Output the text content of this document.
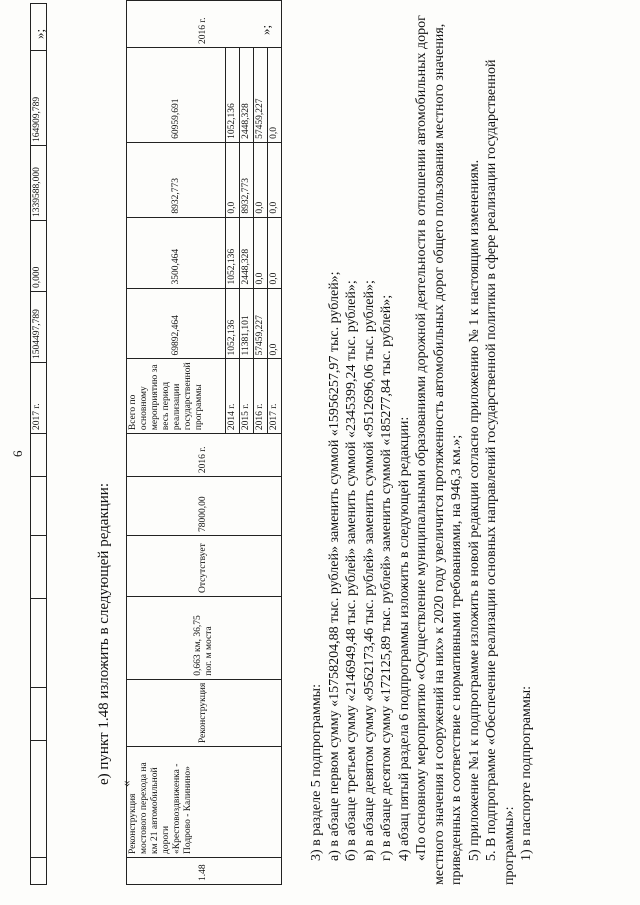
6
							2017 г.	1504497,789	0,000	1339588,000	164909,789	
»;
е) пункт 1.48 изложить в следующей редакции: «
1.48	Реконструкция мостового перехода на км 21 автомобильной дороги «Крестовоздвиженка - Подрово - Калинино»	Реконструкция	0,663 км, 36,75 пог. м моста	Отсутствует	78000,00	2016 г.	Всего по основному мероприятию за весь период реализации государственной программы	69892,464	3500,464	8932,773	60959,691	2016 г.
							2014 г.	1052,136	1052,136	0,0	1052,136	
							2015 г.	11381,101	2448,328	8932,773	2448,328	
							2016 г.	57459,227	0,0	0,0	57459,227	
							2017 г.	0,0	0,0	0,0	0,0	
»;

3) в разделе 5 подпрограммы: а) в абзаце первом сумму «15758204,88 тыс. рублей» заменить суммой «15956257,97 тыс. рублей»; б) в абзаце третьем сумму «2146949,48 тыс. рублей» заменить суммой «2345399,24 тыс. рублей»; в) в абзаце девятом сумму «9562173,46 тыс. рублей» заменить суммой «9512696,06 тыс. рублей»; г) в абзаце десятом сумму «172125,89 тыс. рублей» заменить суммой «185277,84 тыс. рублей»; 4) абзац пятый раздела 6 подпрограммы изложить в следующей редакции: «По основному мероприятию «Осуществление муниципальными образованиями дорожной деятельности в отношении автомобильных дорог местного значения и сооружений на них» к 2020 году увеличится протяженность автомобильных дорог общего пользования местного значения, приведенных в соответствие с нормативными требованиями, на 946,3 км.»; 5) приложение №1 к подпрограмме изложить в новой редакции согласно приложению № 1 к настоящим изменениям. 5. В подпрограмме «Обеспечение реализации основных направлений государственной политики в сфере реализации государственной программы»: 1) в паспорте подпрограммы:
